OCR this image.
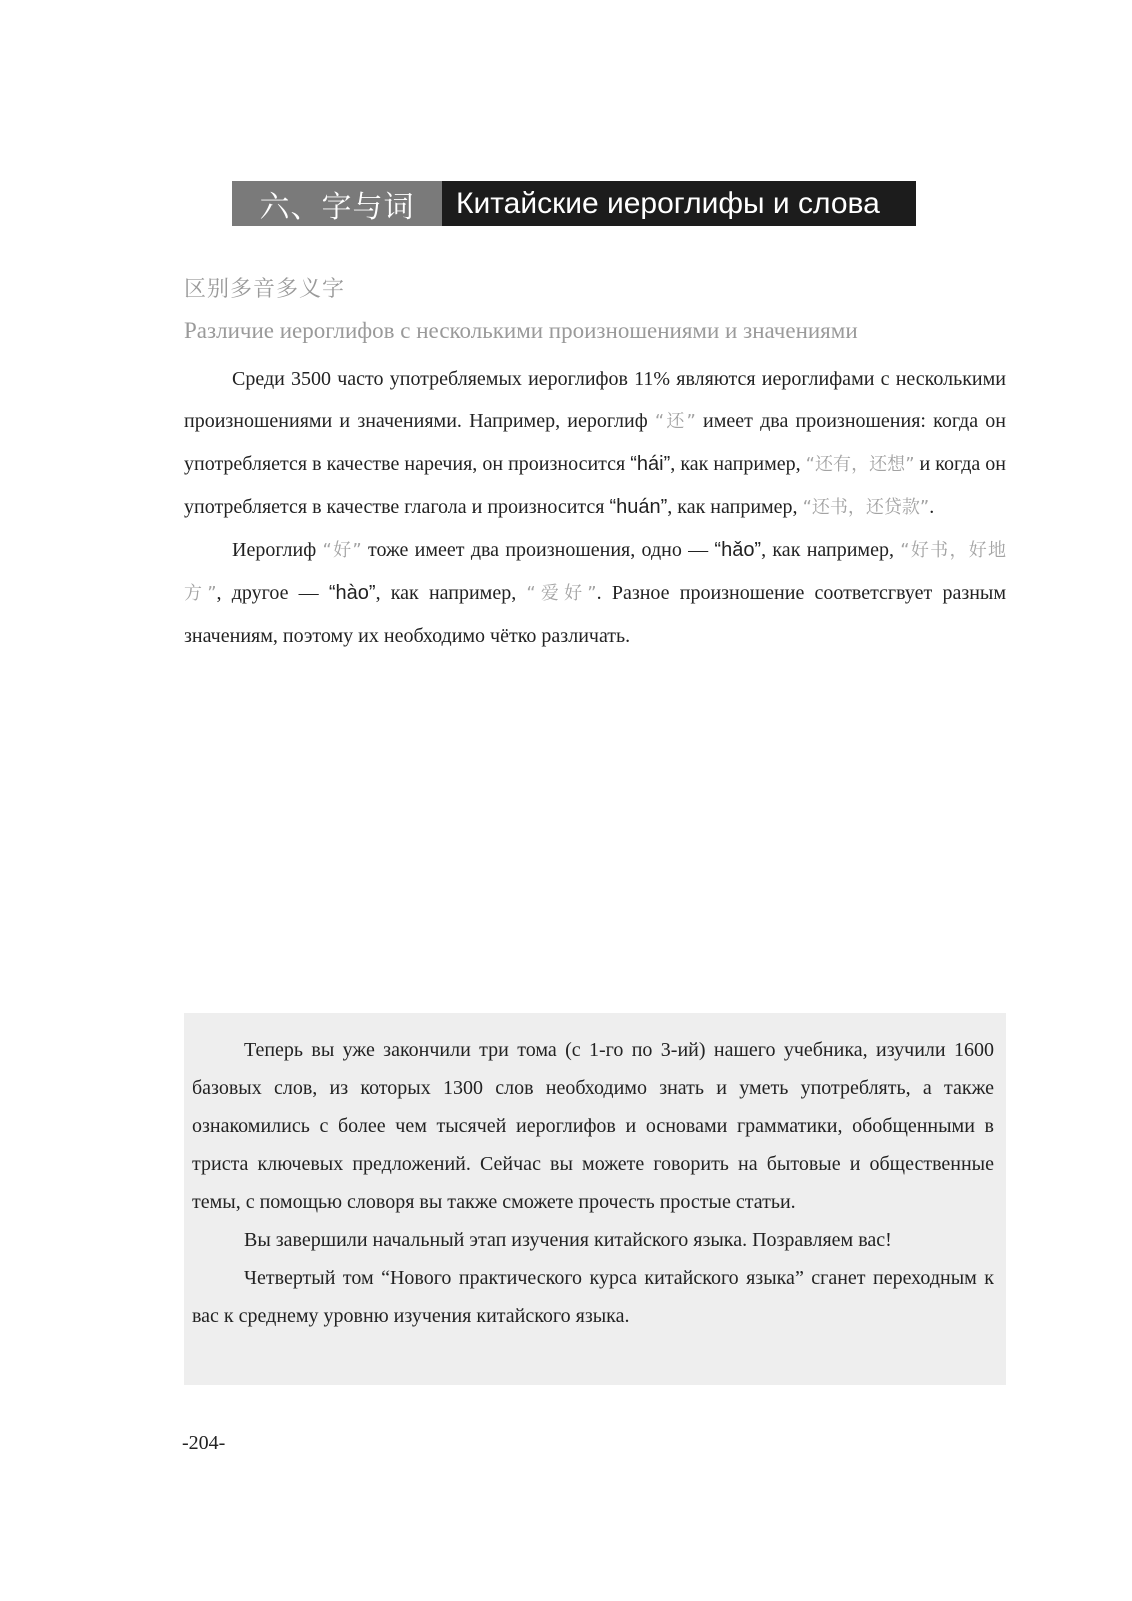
六、字与词	Китайские иероглифы и слова
区别多音多义字
Различие иероглифов с несколькими произношениями и значениями

Среди 3500 часто употребляемых иероглифов 11% являются иероглифами с несколькими произношениями и значениями. Например, иероглиф “还” имеет два произношения: когда он употребляется в качестве наречия, он произносится “hái”, как например, “还有，还想” и когда он употребляется в качестве глагола и произносится “huán”, как например, “还书，还贷款”.

Иероглиф “好” тоже имеет два произношения, одно — “hǎo”, как например, “好书，好地方”, другое — “hào”, как например, “爱好”. Разное произношение соответсгвует разным значениям, поэтому их необходимо чётко различать.

Теперь вы уже закончили три тома (с 1-го по 3-ий) нашего учебника, изучили 1600 базовых слов, из которых 1300 слов необходимо знать и уметь употреблять, а также ознакомились с более чем тысячей иероглифов и основами грамматики, обобщенными в триста ключевых предложений. Сейчас вы можете говорить на бытовые и общественные темы, с помощью словоря вы также сможете прочесть простые статьи.

Вы завершили начальный этап изучения китайского языка. Позравляем вас!

Четвертый том “Нового практического курса китайского языка” сганет переходным к вас к среднему уровню изучения китайского языка.

-204-
